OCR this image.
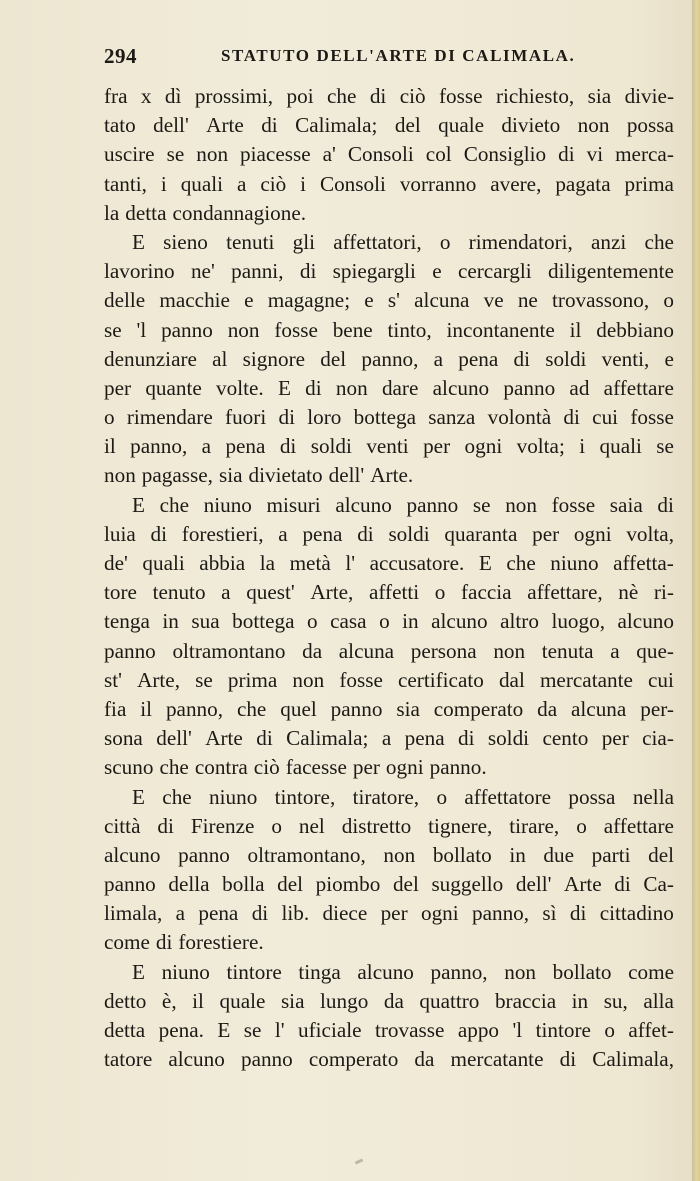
294	STATUTO DELL'ARTE DI CALIMALA.
fra x dì prossimi, poi che di ciò fosse richiesto, sia divie-
tato dell' Arte di Calimala; del quale divieto non possa
uscire se non piacesse a' Consoli col Consiglio di vi merca-
tanti, i quali a ciò i Consoli vorranno avere, pagata prima
la detta condannagione.
E sieno tenuti gli affettatori, o rimendatori, anzi che
lavorino ne' panni, di spiegargli e cercargli diligentemente
delle macchie e magagne; e s' alcuna ve ne trovassono, o
se 'l panno non fosse bene tinto, incontanente il debbiano
denunziare al signore del panno, a pena di soldi venti, e
per quante volte. E di non dare alcuno panno ad affettare
o rimendare fuori di loro bottega sanza volontà di cui fosse
il panno, a pena di soldi venti per ogni volta; i quali se
non pagasse, sia divietato dell' Arte.
E che niuno misuri alcuno panno se non fosse saia di
luia di forestieri, a pena di soldi quaranta per ogni volta,
de' quali abbia la metà l' accusatore. E che niuno affetta-
tore tenuto a quest' Arte, affetti o faccia affettare, nè ri-
tenga in sua bottega o casa o in alcuno altro luogo, alcuno
panno oltramontano da alcuna persona non tenuta a que-
st' Arte, se prima non fosse certificato dal mercatante cui
fia il panno, che quel panno sia comperato da alcuna per-
sona dell' Arte di Calimala; a pena di soldi cento per cia-
scuno che contra ciò facesse per ogni panno.
E che niuno tintore, tiratore, o affettatore possa nella
città di Firenze o nel distretto tignere, tirare, o affettare
alcuno panno oltramontano, non bollato in due parti del
panno della bolla del piombo del suggello dell' Arte di Ca-
limala, a pena di lib. diece per ogni panno, sì di cittadino
come di forestiere.
E niuno tintore tinga alcuno panno, non bollato come
detto è, il quale sia lungo da quattro braccia in su, alla
detta pena. E se l' uficiale trovasse appo 'l tintore o affet-
tatore alcuno panno comperato da mercatante di Calimala,
